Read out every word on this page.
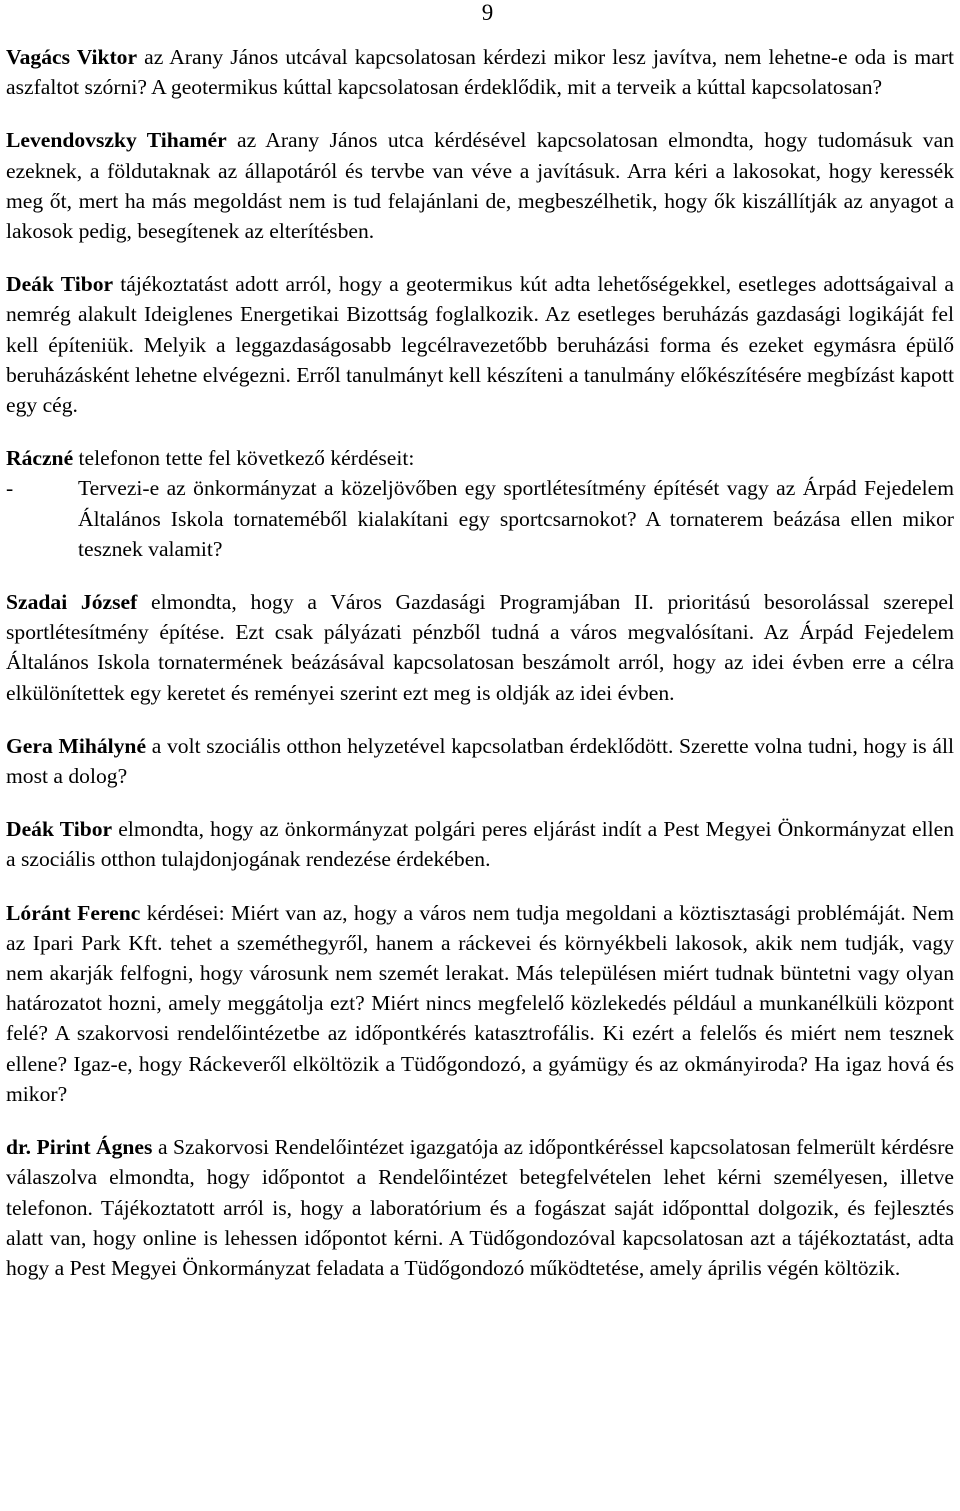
9

Vagács Viktor az Arany János utcával kapcsolatosan kérdezi mikor lesz javítva, nem lehetne-e oda is mart aszfaltot szórni? A geotermikus kúttal kapcsolatosan érdeklődik, mit a terveik a kúttal kapcsolatosan?

Levendovszky Tihamér az Arany János utca kérdésével kapcsolatosan elmondta, hogy tudomásuk van ezeknek, a földutaknak az állapotáról és tervbe van véve a javításuk. Arra kéri a lakosokat, hogy keressék meg őt, mert ha más megoldást nem is tud felajánlani de, megbeszélhetik, hogy ők kiszállítják az anyagot a lakosok pedig, besegítenek az elterítésben.

Deák Tibor tájékoztatást adott arról, hogy a geotermikus kút adta lehetőségekkel, esetleges adottságaival a nemrég alakult Ideiglenes Energetikai Bizottság foglalkozik. Az esetleges beruházás gazdasági logikáját fel kell építeniük. Melyik a leggazdaságosabb legcélravezetőbb beruházási forma és ezeket egymásra épülő beruházásként lehetne elvégezni. Erről tanulmányt kell készíteni a tanulmány előkészítésére megbízást kapott egy cég.

Ráczné telefonon tette fel következő kérdéseit:

-	Tervezi-e az önkormányzat a közeljövőben egy sportlétesítmény építését vagy az Árpád Fejedelem Általános Iskola tornateméből kialakítani egy sportcsarnokot? A tornaterem beázása ellen mikor tesznek valamit?

Szadai József elmondta, hogy a Város Gazdasági Programjában II. prioritású besorolással szerepel sportlétesítmény építése. Ezt csak pályázati pénzből tudná a város megvalósítani. Az Árpád Fejedelem Általános Iskola tornatermének beázásával kapcsolatosan beszámolt arról, hogy az idei évben erre a célra elkülönítettek egy keretet és reményei szerint ezt meg is oldják az idei évben.

Gera Mihályné a volt szociális otthon helyzetével kapcsolatban érdeklődött. Szerette volna tudni, hogy is áll most a dolog?

Deák Tibor elmondta, hogy az önkormányzat polgári peres eljárást indít a Pest Megyei Önkormányzat ellen a szociális otthon tulajdonjogának rendezése érdekében.

Lóránt Ferenc kérdései: Miért van az, hogy a város nem tudja megoldani a köztisztasági problémáját. Nem az Ipari Park Kft. tehet a szeméthegyről, hanem a ráckevei és környékbeli lakosok, akik nem tudják, vagy nem akarják felfogni, hogy városunk nem szemét lerakat. Más településen miért tudnak büntetni vagy olyan határozatot hozni, amely meggátolja ezt? Miért nincs megfelelő közlekedés például a munkanélküli központ felé? A szakorvosi rendelőintézetbe az időpontkérés katasztrofális. Ki ezért a felelős és miért nem tesznek ellene? Igaz-e, hogy Ráckeveről elköltözik a Tüdőgondozó, a gyámügy és az okmányiroda? Ha igaz hová és mikor?

dr. Pirint Ágnes a Szakorvosi Rendelőintézet igazgatója az időpontkéréssel kapcsolatosan felmerült kérdésre válaszolva elmondta, hogy időpontot a Rendelőintézet betegfelvételen lehet kérni személyesen, illetve telefonon. Tájékoztatott arról is, hogy a laboratórium és a fogászat saját időponttal dolgozik, és fejlesztés alatt van, hogy online is lehessen időpontot kérni. A Tüdőgondozóval kapcsolatosan azt a tájékoztatást, adta hogy a Pest Megyei Önkormányzat feladata a Tüdőgondozó működtetése, amely április végén költözik.
